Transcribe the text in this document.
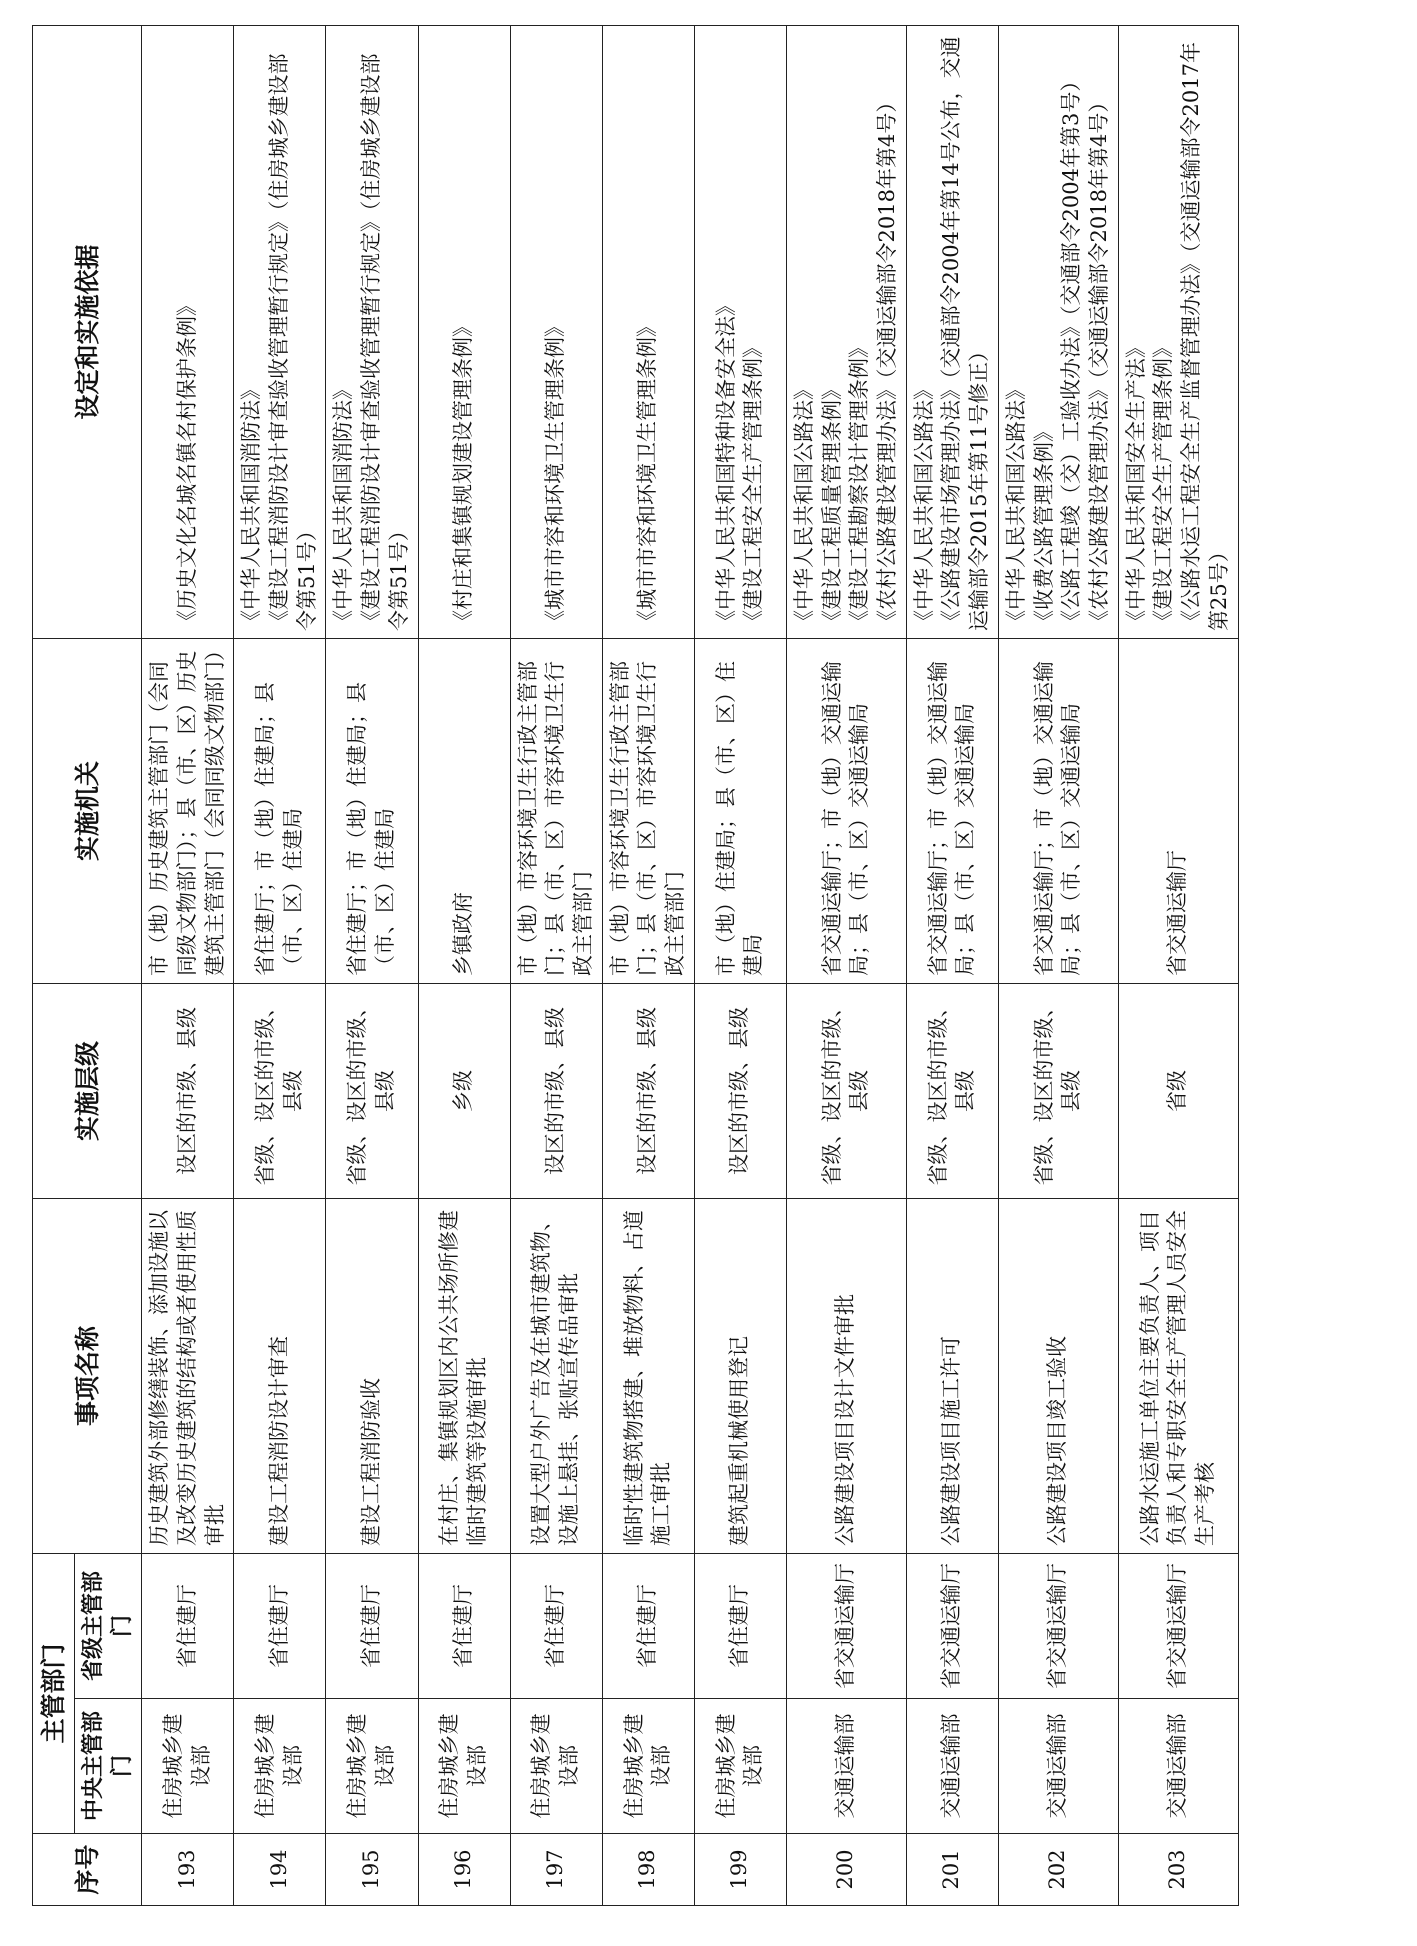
序号	主管部门		事项名称	实施层级	实施机关	设定和实施依据
	中央主管部门	省级主管部门				
193	住房城乡建设部	省住建厅	历史建筑外部修缮装饰、添加设施以及改变历史建筑的结构或者使用性质审批	设区的市级、县级	市（地）历史建筑主管部门（会同同级文物部门）；县（市、区）历史建筑主管部门（会同同级文物部门）	《历史文化名城名镇名村保护条例》

194	住房城乡建设部	省住建厅	建设工程消防设计审查	省级、设区的市级、县级	省住建厅；市（地）住建局；县（市、区）住建局	《中华人民共和国消防法》 《建设工程消防设计审查验收管理暂行规定》（住房城乡建设部令第51号）

195	住房城乡建设部	省住建厅	建设工程消防验收	省级、设区的市级、县级	省住建厅；市（地）住建局；县（市、区）住建局	《中华人民共和国消防法》 《建设工程消防设计审查验收管理暂行规定》（住房城乡建设部令第51号）

196	住房城乡建设部	省住建厅	在村庄、集镇规划区内公共场所修建临时建筑等设施审批	乡级	乡镇政府	《村庄和集镇规划建设管理条例》

197	住房城乡建设部	省住建厅	设置大型户外广告及在城市建筑物、设施上悬挂、张贴宣传品审批	设区的市级、县级	市（地）市容环境卫生行政主管部门；县（市、区）市容环境卫生行政主管部门	《城市市容和环境卫生管理条例》

198	住房城乡建设部	省住建厅	临时性建筑物搭建、堆放物料、占道施工审批	设区的市级、县级	市（地）市容环境卫生行政主管部门；县（市、区）市容环境卫生行政主管部门	《城市市容和环境卫生管理条例》

199	住房城乡建设部	省住建厅	建筑起重机械使用登记	设区的市级、县级	市（地）住建局；县（市、区）住建局	《中华人民共和国特种设备安全法》 《建设工程安全生产管理条例》

200	交通运输部	省交通运输厅	公路建设项目设计文件审批	省级、设区的市级、县级	省交通运输厅；市（地）交通运输局；县（市、区）交通运输局	《中华人民共和国公路法》 《建设工程质量管理条例》 《建设工程勘察设计管理条例》 《农村公路建设管理办法》（交通运输部令2018年第4号）

201	交通运输部	省交通运输厅	公路建设项目施工许可	省级、设区的市级、县级	省交通运输厅；市（地）交通运输局；县（市、区）交通运输局	《中华人民共和国公路法》 《公路建设市场管理办法》（交通部令2004年第14号公布，交通运输部令2015年第11号修正）

202	交通运输部	省交通运输厅	公路建设项目竣工验收	省级、设区的市级、县级	省交通运输厅；市（地）交通运输局；县（市、区）交通运输局	《中华人民共和国公路法》 《收费公路管理条例》 《公路工程竣（交）工验收办法》（交通部令2004年第3号） 《农村公路建设管理办法》（交通运输部令2018年第4号）

203	交通运输部	省交通运输厅	公路水运施工单位主要负责人、项目负责人和专职安全生产管理人员安全生产考核	省级	省交通运输厅	《中华人民共和国安全生产法》 《建设工程安全生产管理条例》 《公路水运工程安全生产监督管理办法》（交通运输部令2017年第25号）
